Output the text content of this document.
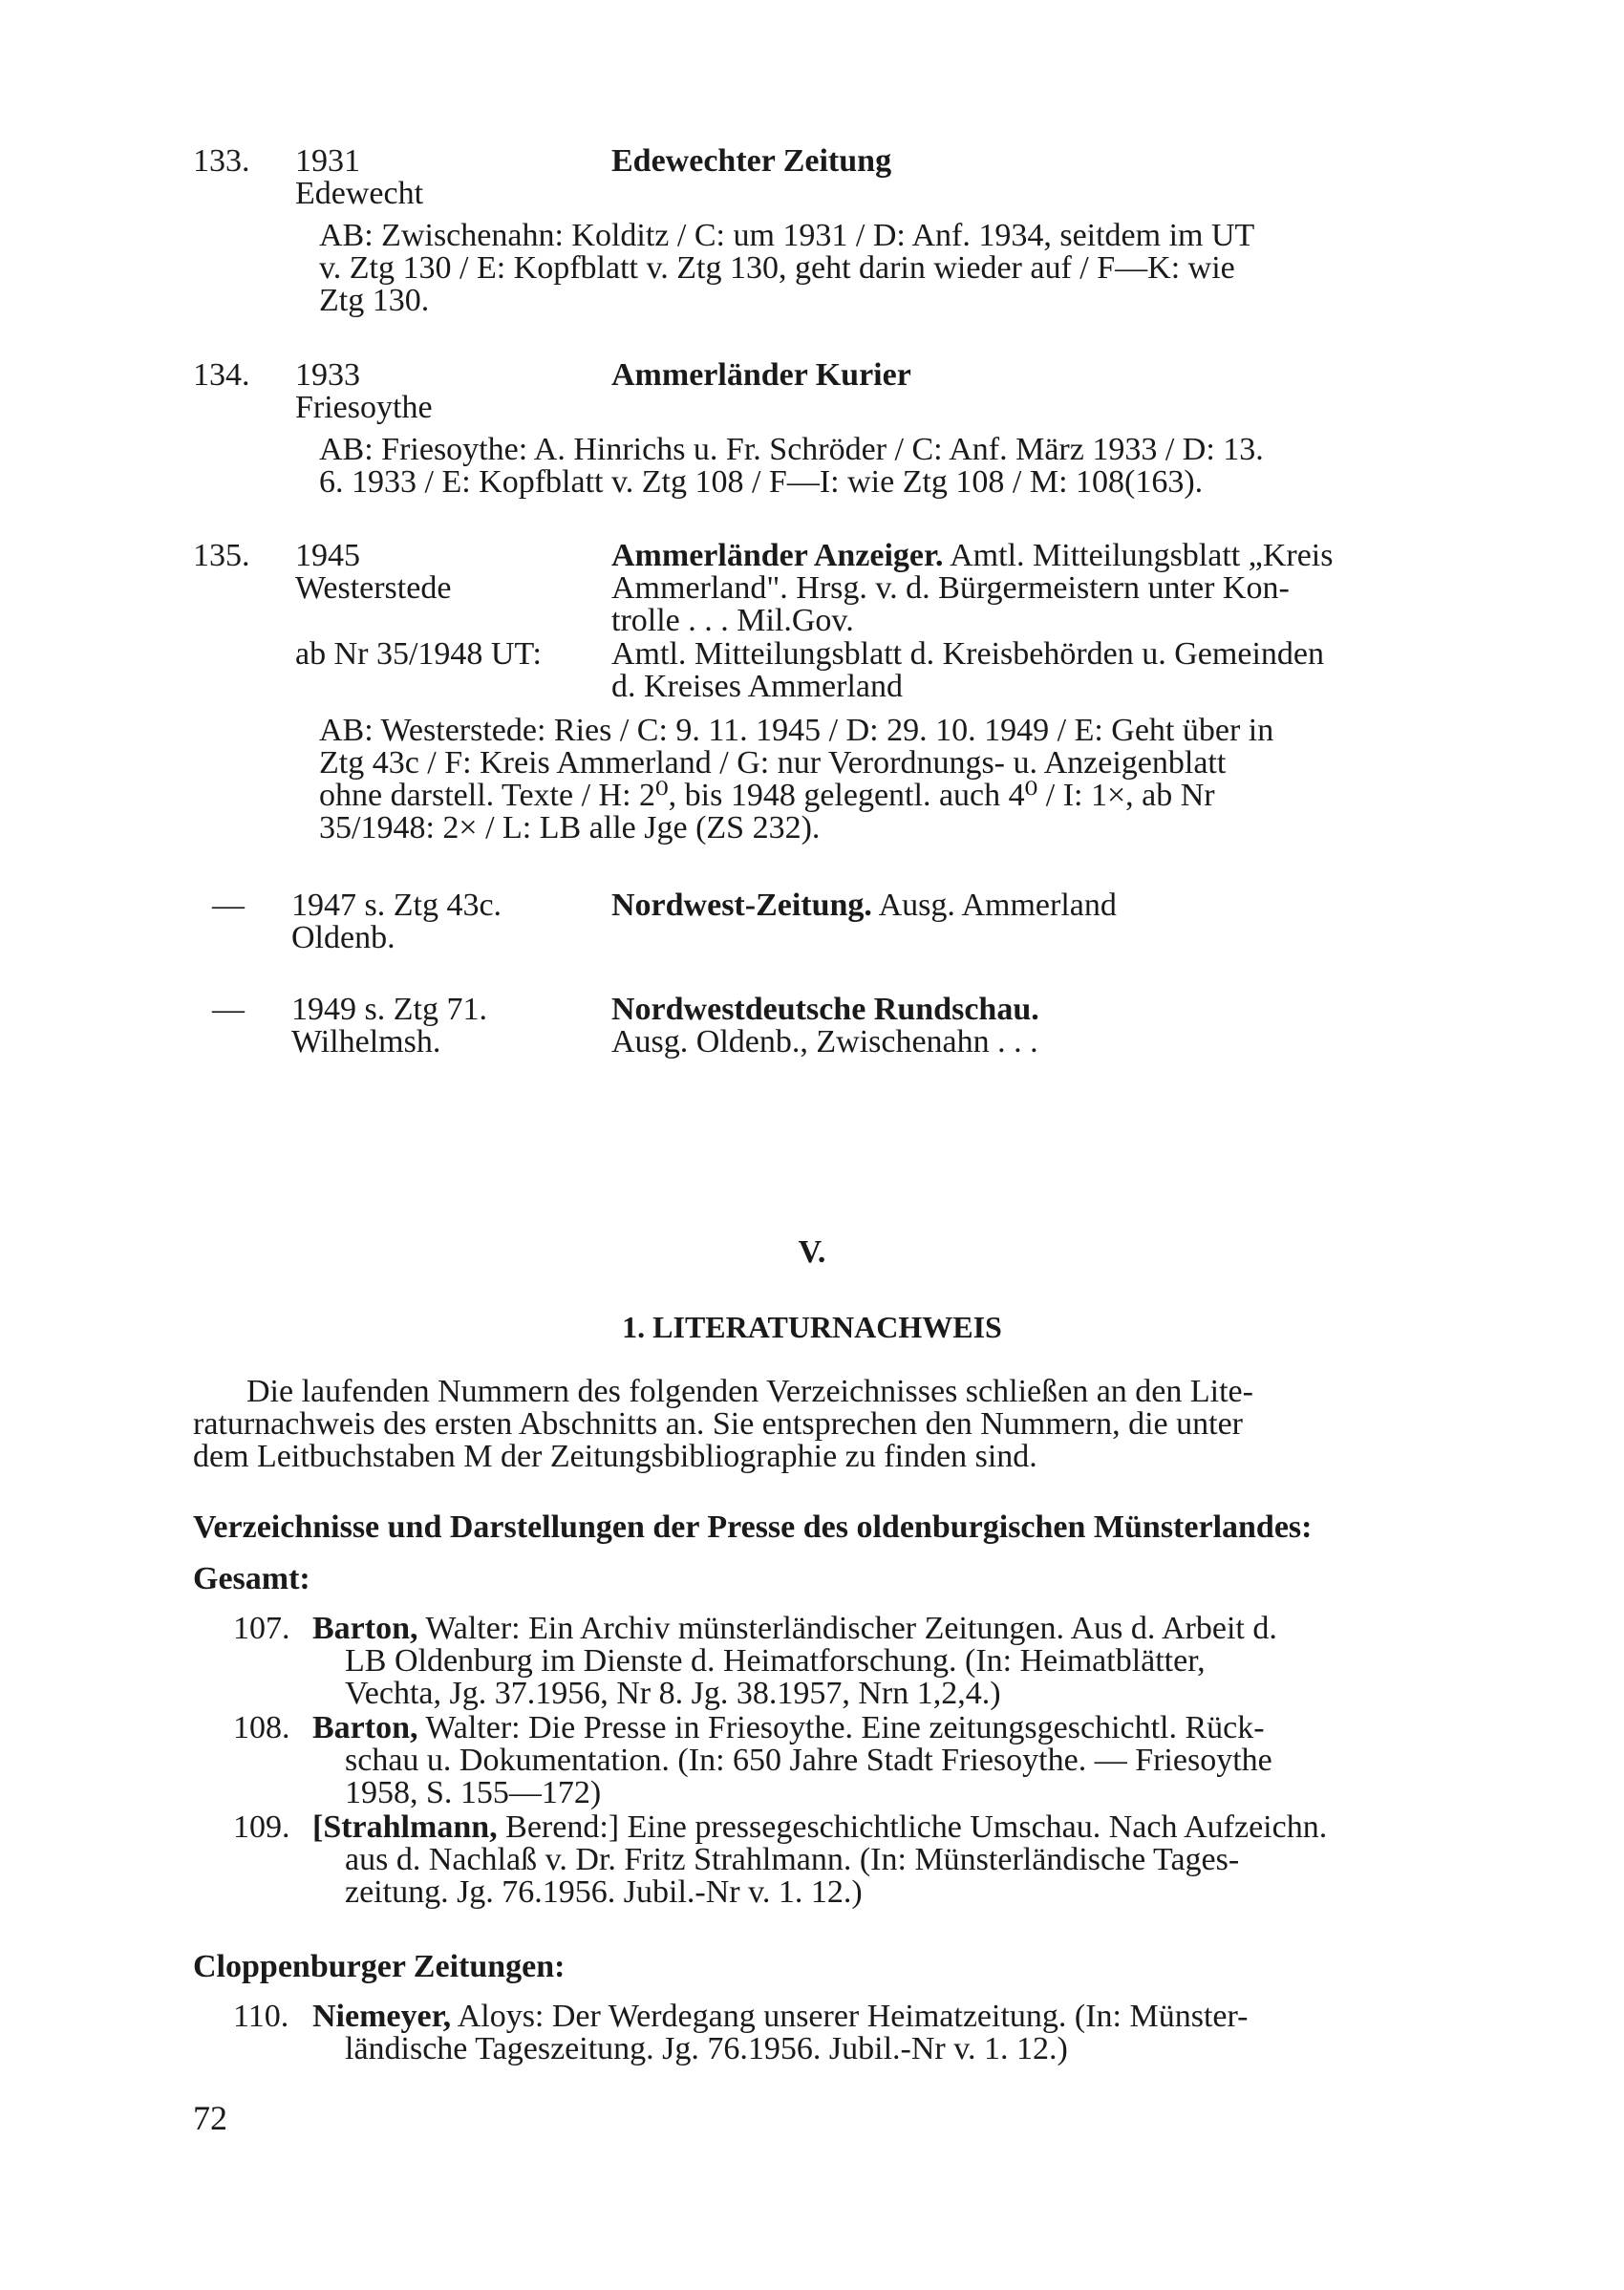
133. 1931	Edewechter Zeitung
Edewecht
AB: Zwischenahn: Kolditz / C: um 1931 / D: Anf. 1934, seitdem im UT
v. Ztg 130 / E: Kopfblatt v. Ztg 130, geht darin wieder auf / F—K: wie
Ztg 130.
134. 1933	Ammerländer Kurier
Friesoythe
AB: Friesoythe: A. Hinrichs u. Fr. Schröder / C: Anf. März 1933 / D: 13.
6. 1933 / E: Kopfblatt v. Ztg 108 / F—I: wie Ztg 108 / M: 108(163).
135. 1945	Ammerländer Anzeiger. Amtl. Mitteilungsblatt „Kreis
Westerstede	Ammerland". Hrsg. v. d. Bürgermeistern unter Kon-
trolle . . . Mil.Gov.
ab Nr 35/1948 UT: Amtl. Mitteilungsblatt d. Kreisbehörden u. Gemeinden
d. Kreises Ammerland
AB: Westerstede: Ries / C: 9. 11. 1945 / D: 29. 10. 1949 / E: Geht über in
Ztg 43c / F: Kreis Ammerland / G: nur Verordnungs- u. Anzeigenblatt
ohne darstell. Texte / H: 2⁰, bis 1948 gelegentl. auch 4⁰ / I: 1×, ab Nr
35/1948: 2× / L: LB alle Jge (ZS 232).
— 1947 s. Ztg 43c.	Nordwest-Zeitung. Ausg. Ammerland
Oldenb.
— 1949 s. Ztg 71.	Nordwestdeutsche Rundschau.
Wilhelmsh.	Ausg. Oldenb., Zwischenahn . . .
V.
1. LITERATURNACHWEIS
Die laufenden Nummern des folgenden Verzeichnisses schließen an den Lite-
raturnachweis des ersten Abschnitts an. Sie entsprechen den Nummern, die unter
dem Leitbuchstaben M der Zeitungsbibliographie zu finden sind.
Verzeichnisse und Darstellungen der Presse des oldenburgischen Münsterlandes:
Gesamt:
107. Barton, Walter: Ein Archiv münsterländischer Zeitungen. Aus d. Arbeit d.
LB Oldenburg im Dienste d. Heimatforschung. (In: Heimatblätter,
Vechta, Jg. 37.1956, Nr 8. Jg. 38.1957, Nrn 1,2,4.)
108. Barton, Walter: Die Presse in Friesoythe. Eine zeitungsgeschichtl. Rück-
schau u. Dokumentation. (In: 650 Jahre Stadt Friesoythe. — Friesoythe
1958, S. 155—172)
109. [Strahlmann, Berend:] Eine pressegeschichtliche Umschau. Nach Aufzeichn.
aus d. Nachlaß v. Dr. Fritz Strahlmann. (In: Münsterländische Tages-
zeitung. Jg. 76.1956. Jubil.-Nr v. 1. 12.)
Cloppenburger Zeitungen:
110. Niemeyer, Aloys: Der Werdegang unserer Heimatzeitung. (In: Münster-
ländische Tageszeitung. Jg. 76.1956. Jubil.-Nr v. 1. 12.)
72
